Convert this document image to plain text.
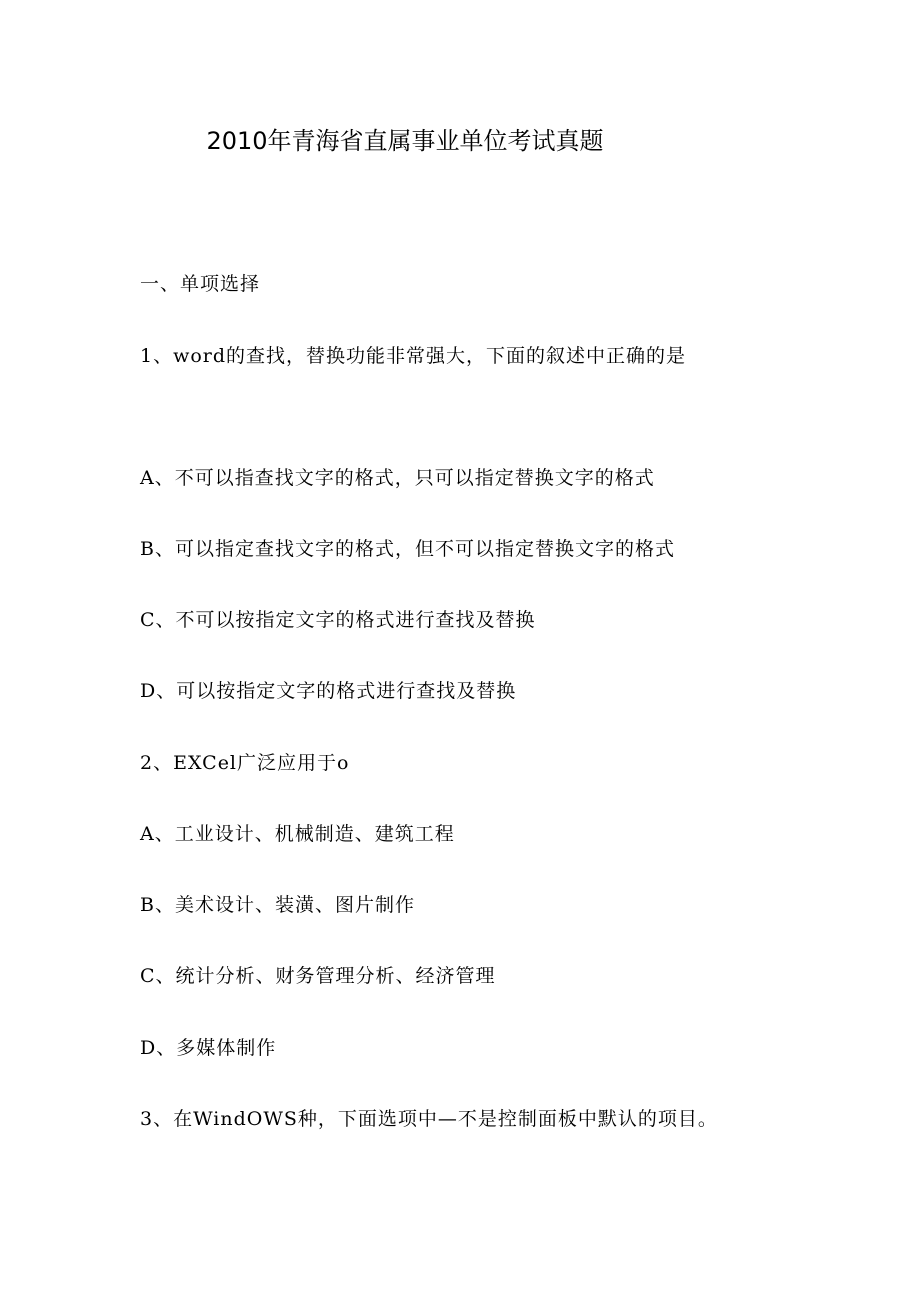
2010年青海省直属事业单位考试真题
一、单项选择
1、word的查找，替换功能非常强大，下面的叙述中正确的是
A、不可以指查找文字的格式，只可以指定替换文字的格式
B、可以指定查找文字的格式，但不可以指定替换文字的格式
C、不可以按指定文字的格式进行查找及替换
D、可以按指定文字的格式进行查找及替换
2、EXCel广泛应用于o
A、工业设计、机械制造、建筑工程
B、美术设计、装潢、图片制作
C、统计分析、财务管理分析、经济管理
D、多媒体制作
3、在WindOWS种，下面选项中—不是控制面板中默认的项目。
